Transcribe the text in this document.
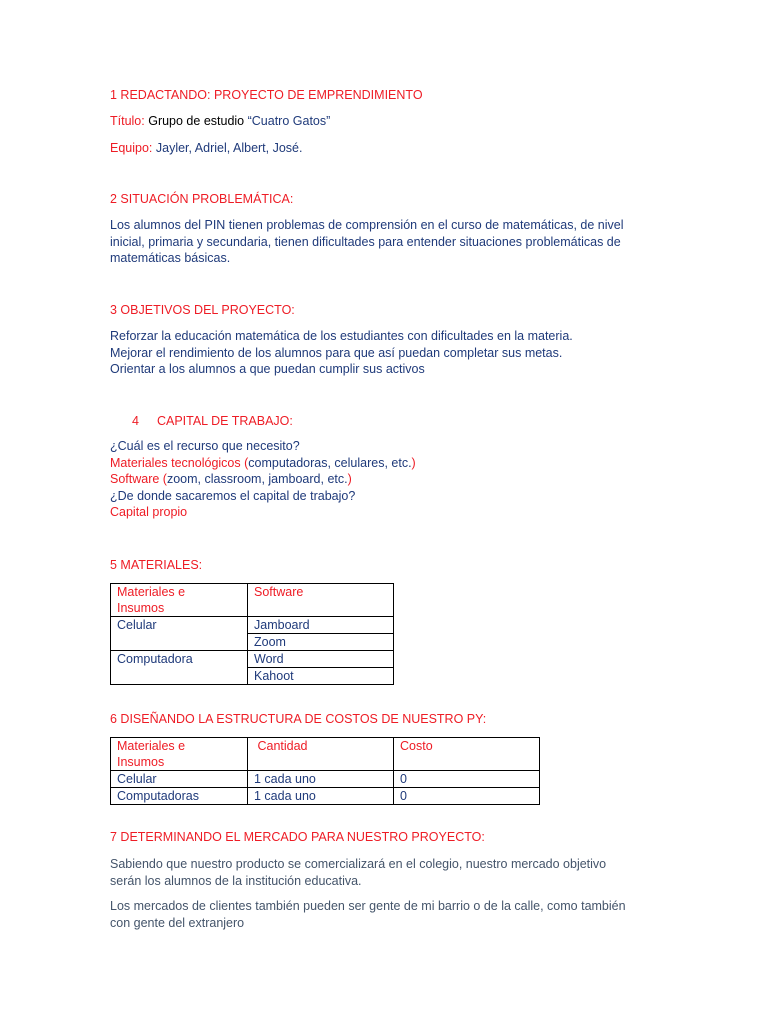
1 REDACTANDO: PROYECTO DE EMPRENDIMIENTO
Título: Grupo de estudio “Cuatro Gatos”
Equipo: Jayler, Adriel, Albert, José.
2 SITUACIÓN PROBLEMÁTICA:
Los alumnos del PIN tienen problemas de comprensión en el curso de matemáticas, de nivel
inicial, primaria y secundaria, tienen dificultades para entender situaciones problemáticas de
matemáticas básicas.
3 OBJETIVOS DEL PROYECTO:
Reforzar la educación matemática de los estudiantes con dificultades en la materia.
Mejorar el rendimiento de los alumnos para que así puedan completar sus metas.
Orientar a los alumnos a que puedan cumplir sus activos
4 CAPITAL DE TRABAJO:
¿Cuál es el recurso que necesito?
Materiales tecnológicos (computadoras, celulares, etc.)
Software (zoom, classroom, jamboard, etc.)
¿De donde sacaremos el capital de trabajo?
Capital propio
5 MATERIALES:
Materiales e
Insumos	Software
Celular	Jamboard
	Zoom
Computadora	Word
	Kahoot
6 DISEÑANDO LA ESTRUCTURA DE COSTOS DE NUESTRO PY:
Materiales e
Insumos	Cantidad	Costo
Celular	1 cada uno	0
Computadoras	1 cada uno	0
7 DETERMINANDO EL MERCADO PARA NUESTRO PROYECTO:
Sabiendo que nuestro producto se comercializará en el colegio, nuestro mercado objetivo
serán los alumnos de la institución educativa.
Los mercados de clientes también pueden ser gente de mi barrio o de la calle, como también
con gente del extranjero
